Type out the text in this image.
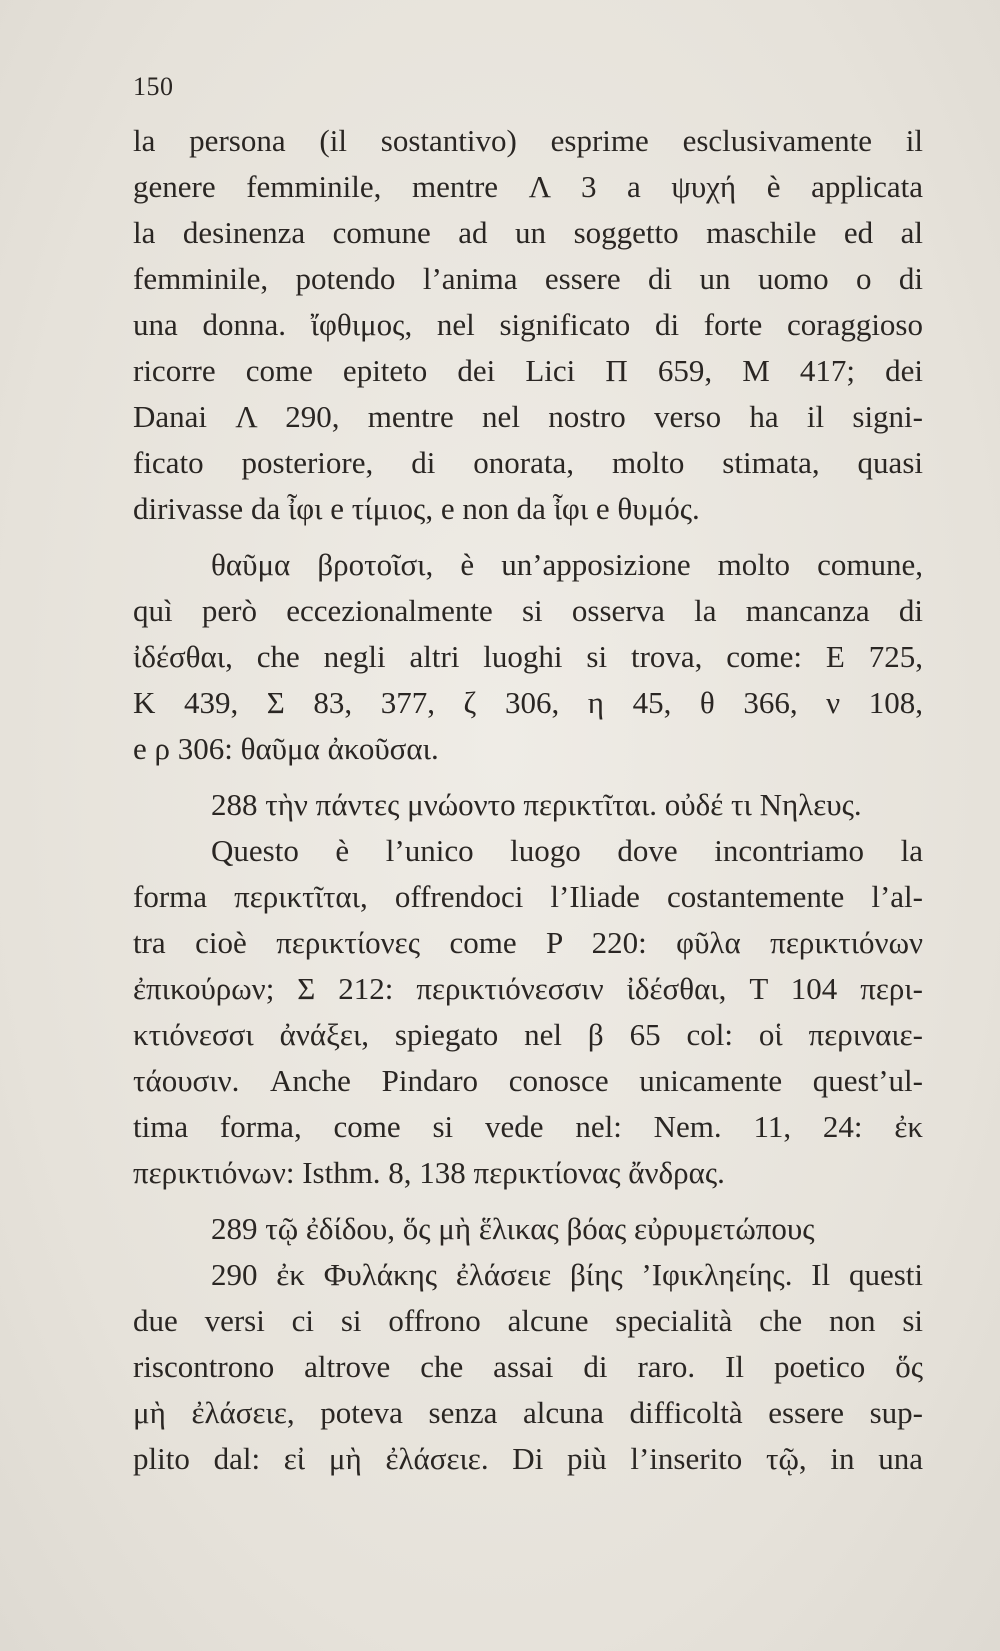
150
la persona (il sostantivo) esprime esclusivamente il
genere femminile, mentre Λ 3 a ψυχή è applicata
la desinenza comune ad un soggetto maschile ed al
femminile, potendo l’anima essere di un uomo o di
una donna. ἴφθιμος, nel significato di forte coraggioso
ricorre come epiteto dei Lici Π 659, M 417; dei
Danai Λ 290, mentre nel nostro verso ha il signi-
ficato posteriore, di onorata, molto stimata, quasi
dirivasse da ἶφι e τίμιος, e non da ἶφι e θυμός.
θαῦμα βροτοῖσι, è un’apposizione molto comune,
quì però eccezionalmente si osserva la mancanza di
ἰδέσθαι, che negli altri luoghi si trova, come: E 725,
K 439, Σ 83, 377, ζ 306, η 45, θ 366, ν 108,
e ρ 306: θαῦμα ἀκοῦσαι.
288 τὴν πάντες μνώοντο περικτῖται. οὐδέ τι Νηλευς.
Questo è l’unico luogo dove incontriamo la
forma περικτῖται, offrendoci l’Iliade costantemente l’al-
tra cioè περικτίονες come P 220: φῦλα περικτιόνων
ἐπικούρων; Σ 212: περικτιόνεσσιν ἰδέσθαι, T 104 περι-
κτιόνεσσι ἀνάξει, spiegato nel β 65 col: οἱ περιναιε-
τάουσιν. Anche Pindaro conosce unicamente quest’ul-
tima forma, come si vede nel: Nem. 11, 24: ἐκ
περικτιόνων: Isthm. 8, 138 περικτίονας ἄνδρας.
289 τῷ ἐδίδου, ὅς μὴ ἕλικας βόας εὐρυμετώπους
290 ἐκ Φυλάκης ἐλάσειε βίης ’Ιφικληείης. Il questi
due versi ci si offrono alcune specialità che non si
riscontrono altrove che assai di raro. Il poetico ὅς
μὴ ἐλάσειε, poteva senza alcuna difficoltà essere sup-
plito dal: εἰ μὴ ἐλάσειε. Di più l’inserito τῷ, in una
